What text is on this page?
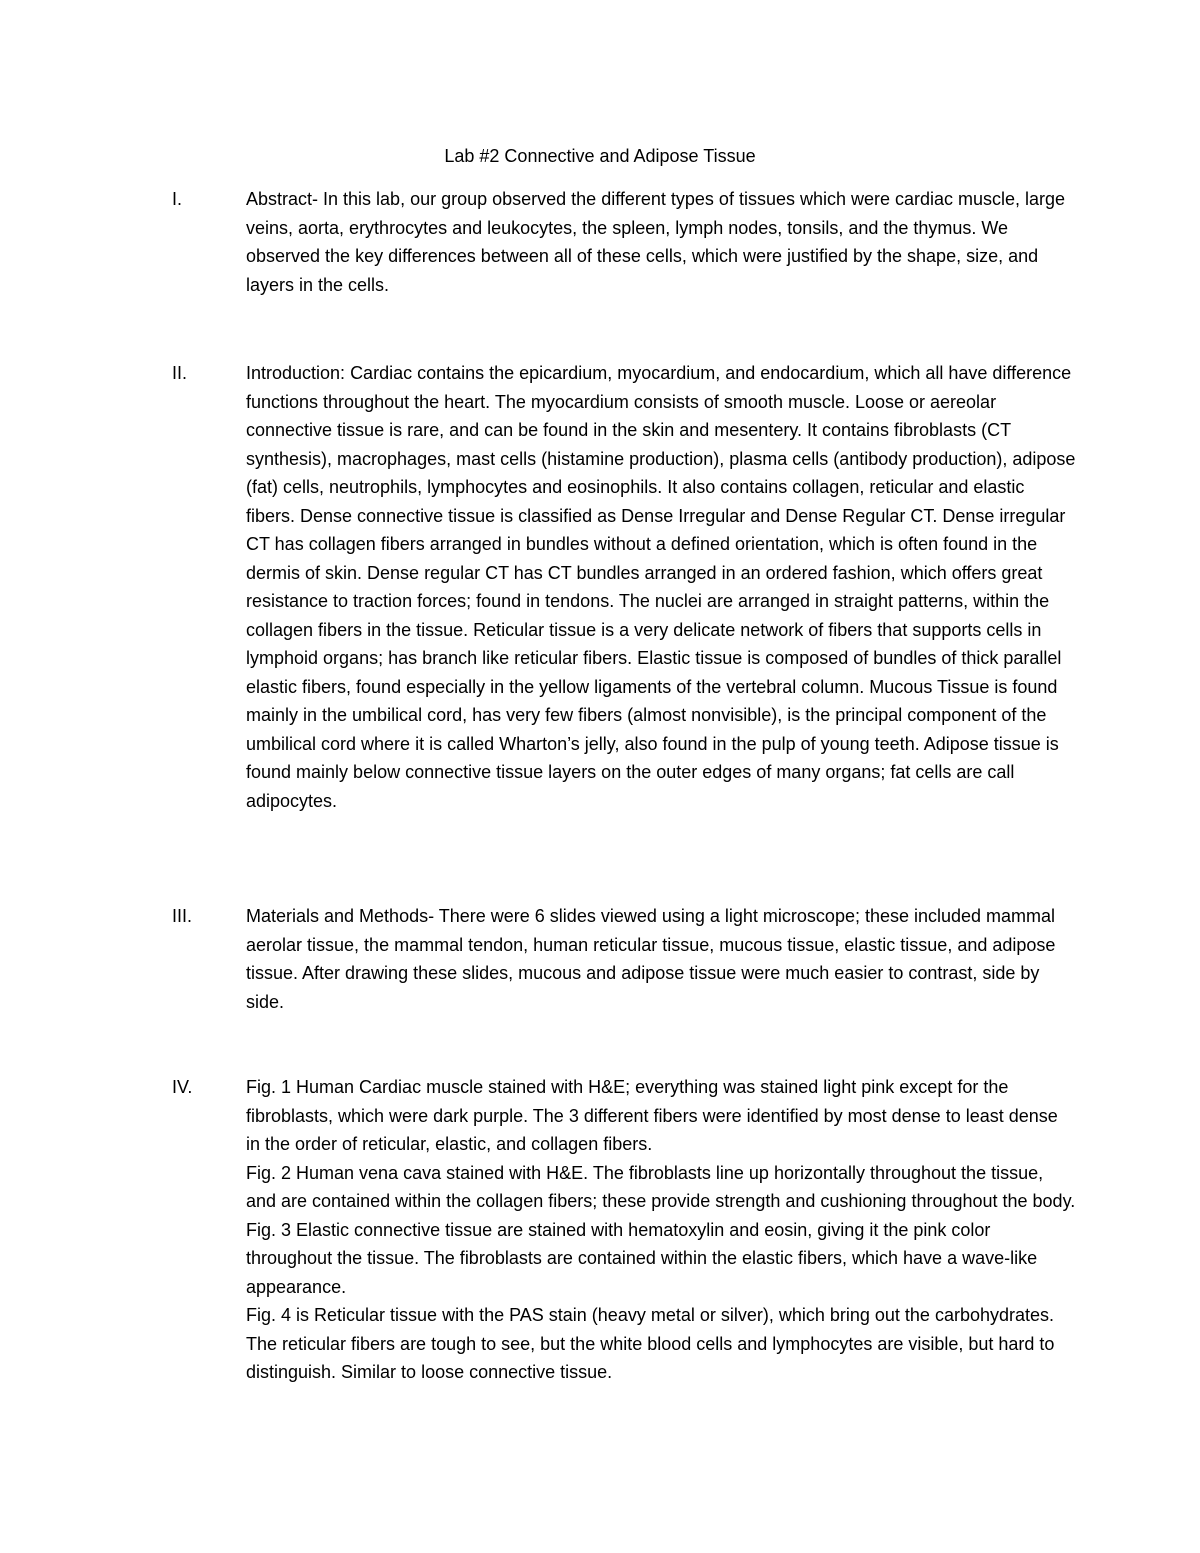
Lab #2 Connective and Adipose Tissue
I.	Abstract- In this lab, our group observed the different types of tissues which were cardiac muscle, large veins, aorta, erythrocytes and leukocytes, the spleen, lymph nodes, tonsils, and the thymus. We observed the key differences between all of these cells, which were justified by the shape, size, and layers in the cells.

II.	Introduction: Cardiac contains the epicardium, myocardium, and endocardium, which all have difference functions throughout the heart. The myocardium consists of smooth muscle. Loose or aereolar connective tissue is rare, and can be found in the skin and mesentery. It contains fibroblasts (CT synthesis), macrophages, mast cells (histamine production), plasma cells (antibody production), adipose (fat) cells, neutrophils, lymphocytes and eosinophils. It also contains collagen, reticular and elastic fibers. Dense connective tissue is classified as Dense Irregular and Dense Regular CT. Dense irregular CT has collagen fibers arranged in bundles without a defined orientation, which is often found in the dermis of skin. Dense regular CT has CT bundles arranged in an ordered fashion, which offers great resistance to traction forces; found in tendons. The nuclei are arranged in straight patterns, within the collagen fibers in the tissue. Reticular tissue is a very delicate network of fibers that supports cells in lymphoid organs; has branch like reticular fibers. Elastic tissue is composed of bundles of thick parallel elastic fibers, found especially in the yellow ligaments of the vertebral column. Mucous Tissue is found mainly in the umbilical cord, has very few fibers (almost nonvisible), is the principal component of the umbilical cord where it is called Wharton’s jelly, also found in the pulp of young teeth. Adipose tissue is found mainly below connective tissue layers on the outer edges of many organs; fat cells are call adipocytes.

III.	Materials and Methods- There were 6 slides viewed using a light microscope; these included mammal aerolar tissue, the mammal tendon, human reticular tissue, mucous tissue, elastic tissue, and adipose tissue. After drawing these slides, mucous and adipose tissue were much easier to contrast, side by side.

IV.	Fig. 1 Human Cardiac muscle stained with H&E; everything was stained light pink except for the fibroblasts, which were dark purple. The 3 different fibers were identified by most dense to least dense in the order of reticular, elastic, and collagen fibers.

Fig. 2 Human vena cava stained with H&E. The fibroblasts line up horizontally throughout the tissue, and are contained within the collagen fibers; these provide strength and cushioning throughout the body.

Fig. 3 Elastic connective tissue are stained with hematoxylin and eosin, giving it the pink color throughout the tissue. The fibroblasts are contained within the elastic fibers, which have a wave-like appearance.

Fig. 4 is Reticular tissue with the PAS stain (heavy metal or silver), which bring out the carbohydrates. The reticular fibers are tough to see, but the white blood cells and lymphocytes are visible, but hard to distinguish. Similar to loose connective tissue.
